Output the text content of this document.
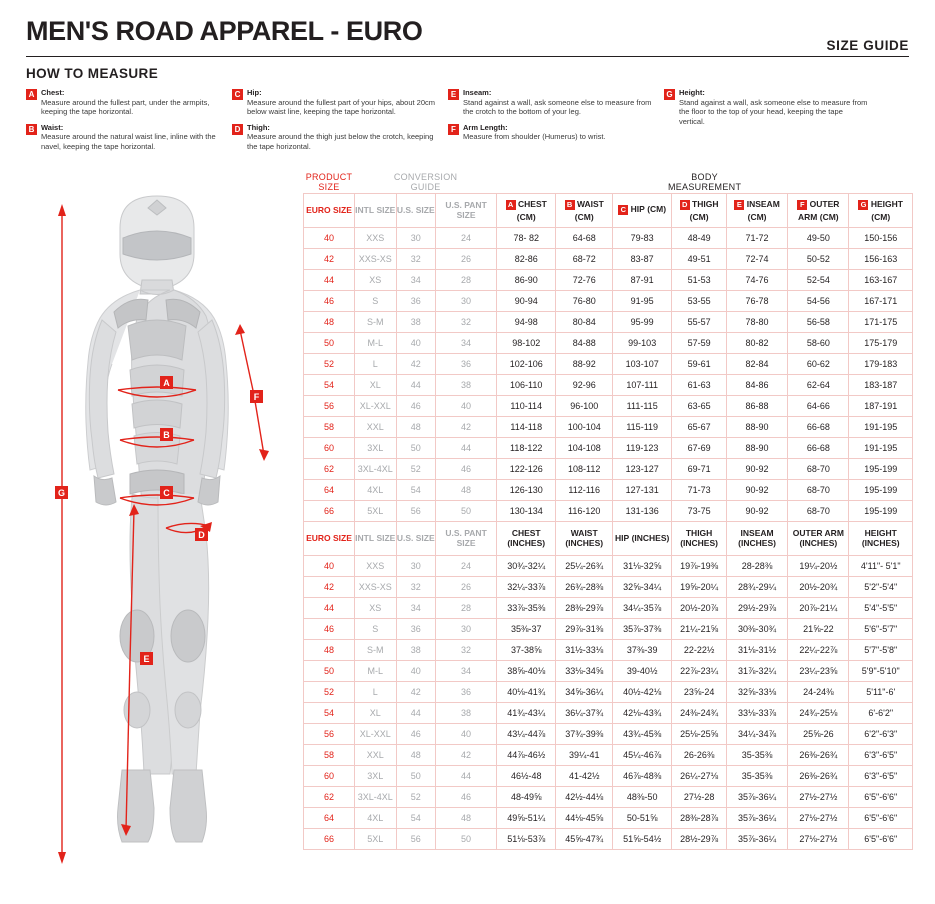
MEN'S ROAD APPAREL - EURO	SIZE GUIDE
HOW TO MEASURE
A Chest:
Measure around the fullest part, under the armpits, keeping the tape horizontal.
B Waist:
Measure around the natural waist line, inline with the navel, keeping the tape horizontal.
C Hip:
Measure around the fullest part of your hips, about 20cm below waist line, keeping the tape horizontal.
D Thigh:
Measure around the thigh just below the crotch, keeping the tape horizontal.
E Inseam:
Stand against a wall, ask someone else to measure from the crotch to the bottom of your leg.
F Arm Length:
Measure from shoulder (Humerus) to wrist.
G Height:
Stand against a wall, ask someone else to measure from the floor to the top of your head, keeping the tape vertical.
A
B
C
D
E
F
G
PRODUCT
SIZE	CONVERSION
GUIDE			BODY
MEASUREMENT						
EURO SIZE	INTL SIZE	U.S. SIZE	U.S. PANT SIZE	A CHEST (CM)	B WAIST (CM)	C HIP (CM)	D THIGH (CM)	E INSEAM (CM)	F OUTER ARM (CM)	G HEIGHT (CM)
40	XXS	30	24	78- 82	64-68	79-83	48-49	71-72	49-50	150-156
42	XXS-XS	32	26	82-86	68-72	83-87	49-51	72-74	50-52	156-163
44	XS	34	28	86-90	72-76	87-91	51-53	74-76	52-54	163-167
46	S	36	30	90-94	76-80	91-95	53-55	76-78	54-56	167-171
48	S-M	38	32	94-98	80-84	95-99	55-57	78-80	56-58	171-175
50	M-L	40	34	98-102	84-88	99-103	57-59	80-82	58-60	175-179
52	L	42	36	102-106	88-92	103-107	59-61	82-84	60-62	179-183
54	XL	44	38	106-110	92-96	107-111	61-63	84-86	62-64	183-187
56	XL-XXL	46	40	110-114	96-100	111-115	63-65	86-88	64-66	187-191
58	XXL	48	42	114-118	100-104	115-119	65-67	88-90	66-68	191-195
60	3XL	50	44	118-122	104-108	119-123	67-69	88-90	66-68	191-195
62	3XL-4XL	52	46	122-126	108-112	123-127	69-71	90-92	68-70	195-199
64	4XL	54	48	126-130	112-116	127-131	71-73	90-92	68-70	195-199
66	5XL	56	50	130-134	116-120	131-136	73-75	90-92	68-70	195-199
EURO SIZE	INTL SIZE	U.S. SIZE	U.S. PANT SIZE	CHEST (INCHES)	WAIST (INCHES)	HIP (INCHES)	THIGH (INCHES)	INSEAM (INCHES)	OUTER ARM (INCHES)	HEIGHT (INCHES)
40	XXS	30	24	30¾-32¼	25¼-26¾	31⅛-32⅝	19⅞-19⅜	28-28⅜	19¼-20½	4'11"- 5'1"
42	XXS-XS	32	26	32¼-33⅞	26¾-28⅜	32⅝-34¼	19⅝-20¼	28¾-29¼	20½-20¾	5'2"-5'4"
44	XS	34	28	33⅞-35⅜	28⅜-29⅞	34¼-35⅞	20½-20⅞	29½-29⅞	20⅞-21¼	5'4"-5'5"
46	S	36	30	35⅜-37	29⅞-31⅜	35⅞-37⅜	21¼-21⅝	30⅜-30¾	21⅝-22	5'6"-5'7"
48	S-M	38	32	37-38⅝	31½-33⅛	37⅜-39	22-22½	31⅛-31½	22¼-22⅞	5'7"-5'8"
50	M-L	40	34	38⅝-40⅛	33⅛-34⅝	39-40½	22⅞-23¼	31⅞-32¼	23¼-23⅝	5'9"-5'10"
52	L	42	36	40⅛-41¾	34⅝-36¼	40½-42⅛	23⅝-24	32⅝-33⅛	24-24⅜	5'11"-6'
54	XL	44	38	41¾-43¼	36¼-37¾	42⅛-43¾	24⅜-24¾	33⅛-33⅞	24¾-25⅛	6'-6'2"
56	XL-XXL	46	40	43¼-44⅞	37¾-39⅜	43¾-45⅜	25⅛-25⅝	34¼-34⅞	25⅝-26	6'2"-6'3"
58	XXL	48	42	44⅞-46½	39¼-41	45¼-46⅞	26-26⅜	35-35⅜	26⅜-26¾	6'3"-6'5"
60	3XL	50	44	46½-48	41-42½	46⅞-48⅜	26¼-27⅛	35-35⅜	26⅜-26¾	6'3"-6'5"
62	3XL-4XL	52	46	48-49⅝	42½-44⅛	48⅜-50	27½-28	35⅞-36¼	27½-27½	6'5"-6'6"
64	4XL	54	48	49⅝-51¼	44⅛-45⅝	50-51⅝	28⅜-28⅞	35⅞-36¼	27⅛-27½	6'5"-6'6"
66	5XL	56	50	51⅛-53⅞	45⅝-47¾	51⅝-54½	28½-29⅞	35⅞-36¼	27⅛-27½	6'5"-6'6"
